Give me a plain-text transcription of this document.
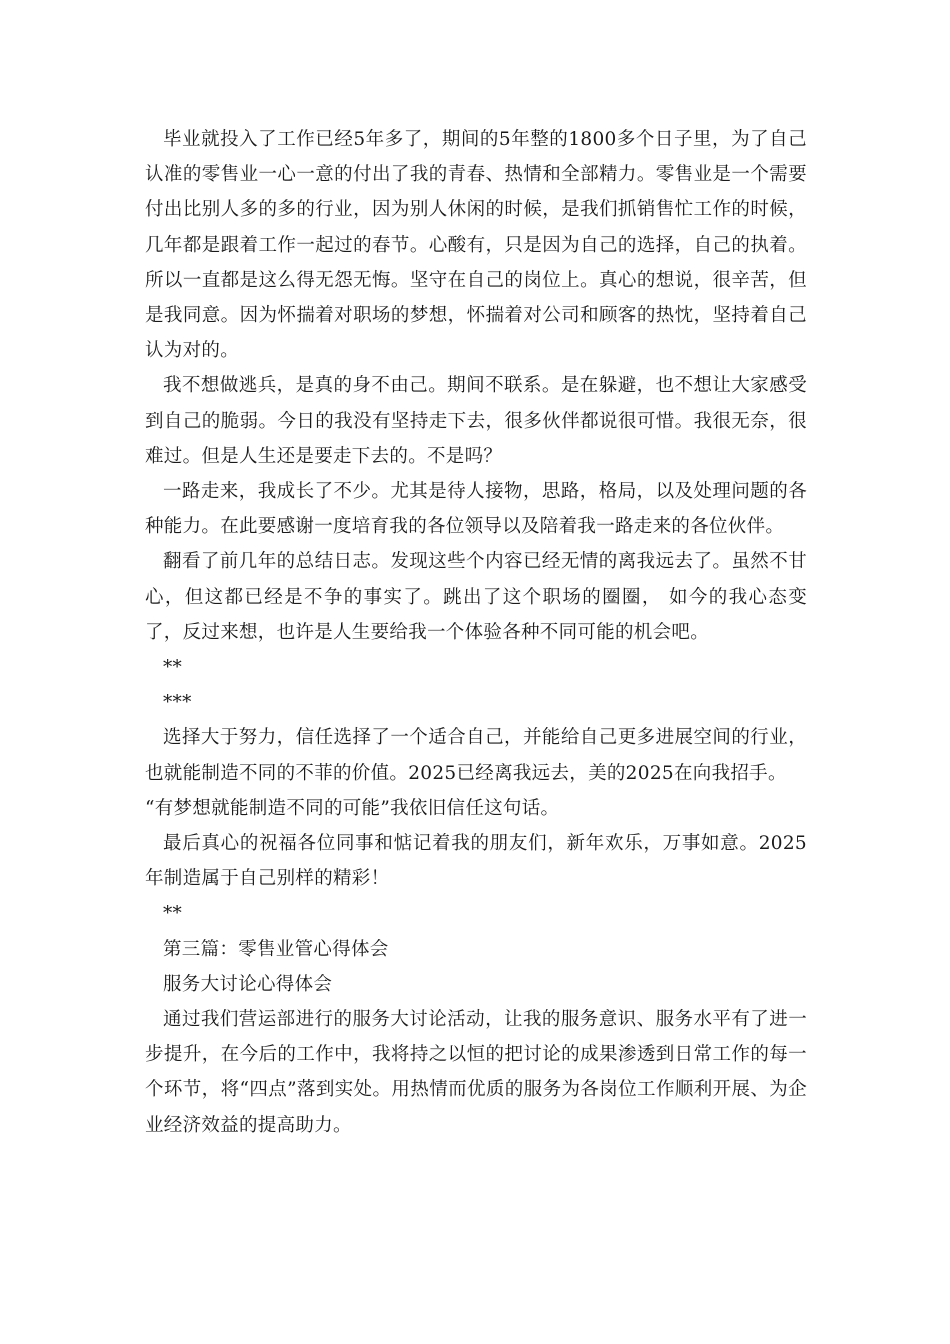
毕业就投入了工作已经5年多了，期间的5年整的1800多个日子里，为了自己认准的零售业一心一意的付出了我的青春、热情和全部精力。零售业是一个需要付出比别人多的多的行业，因为别人休闲的时候，是我们抓销售忙工作的时候，几年都是跟着工作一起过的春节。心酸有，只是因为自己的选择，自己的执着。所以一直都是这么得无怨无悔。坚守在自己的岗位上。真心的想说，很辛苦，但是我同意。因为怀揣着对职场的梦想，怀揣着对公司和顾客的热忱，坚持着自己认为对的。

我不想做逃兵，是真的身不由己。期间不联系。是在躲避，也不想让大家感受到自己的脆弱。今日的我没有坚持走下去，很多伙伴都说很可惜。我很无奈，很难过。但是人生还是要走下去的。不是吗？

一路走来，我成长了不少。尤其是待人接物，思路，格局，以及处理问题的各种能力。在此要感谢一度培育我的各位领导以及陪着我一路走来的各位伙伴。

翻看了前几年的总结日志。发现这些个内容已经无情的离我远去了。虽然不甘心，但这都已经是不争的事实了。跳出了这个职场的圈圈， 如今的我心态变了，反过来想，也许是人生要给我一个体验各种不同可能的机会吧。

**

***

选择大于努力，信任选择了一个适合自己，并能给自己更多进展空间的行业，也就能制造不同的不菲的价值。2025已经离我远去，美的2025在向我招手。

“有梦想就能制造不同的可能”我依旧信任这句话。

最后真心的祝福各位同事和惦记着我的朋友们，新年欢乐，万事如意。2025年制造属于自己别样的精彩！

**

第三篇：零售业管心得体会

服务大讨论心得体会

通过我们营运部进行的服务大讨论活动，让我的服务意识、服务水平有了进一步提升，在今后的工作中，我将持之以恒的把讨论的成果渗透到日常工作的每一个环节，将“四点”落到实处。用热情而优质的服务为各岗位工作顺利开展、为企业经济效益的提高助力。
